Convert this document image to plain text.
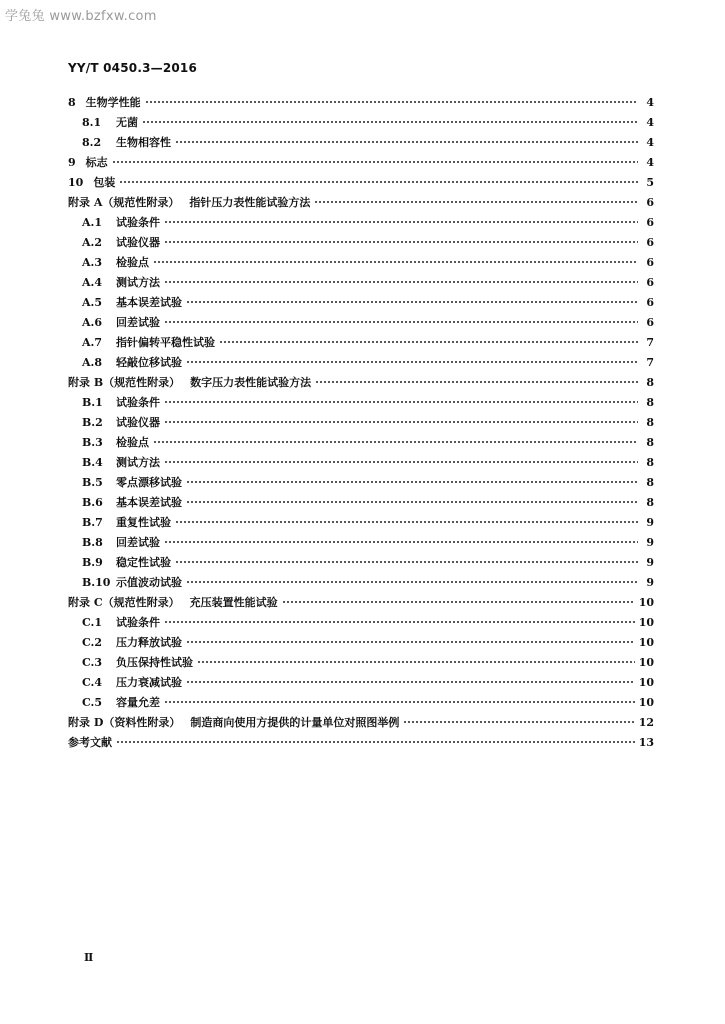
学兔兔 www.bzfxw.com
YY/T 0450.3—2016
8 生物学性能	4
8.1 无菌	4
8.2 生物相容性	4
9 标志	4
10 包装	5
附录 A（规范性附录） 指针压力表性能试验方法	6
A.1 试验条件	6
A.2 试验仪器	6
A.3 检验点	6
A.4 测试方法	6
A.5 基本误差试验	6
A.6 回差试验	6
A.7 指针偏转平稳性试验	7
A.8 轻敲位移试验	7
附录 B（规范性附录） 数字压力表性能试验方法	8
B.1 试验条件	8
B.2 试验仪器	8
B.3 检验点	8
B.4 测试方法	8
B.5 零点漂移试验	8
B.6 基本误差试验	8
B.7 重复性试验	9
B.8 回差试验	9
B.9 稳定性试验	9
B.10 示值波动试验	9
附录 C（规范性附录） 充压装置性能试验	10
C.1 试验条件	10
C.2 压力释放试验	10
C.3 负压保持性试验	10
C.4 压力衰减试验	10
C.5 容量允差	10
附录 D（资料性附录） 制造商向使用方提供的计量单位对照图举例	12
参考文献	13
Ⅱ
